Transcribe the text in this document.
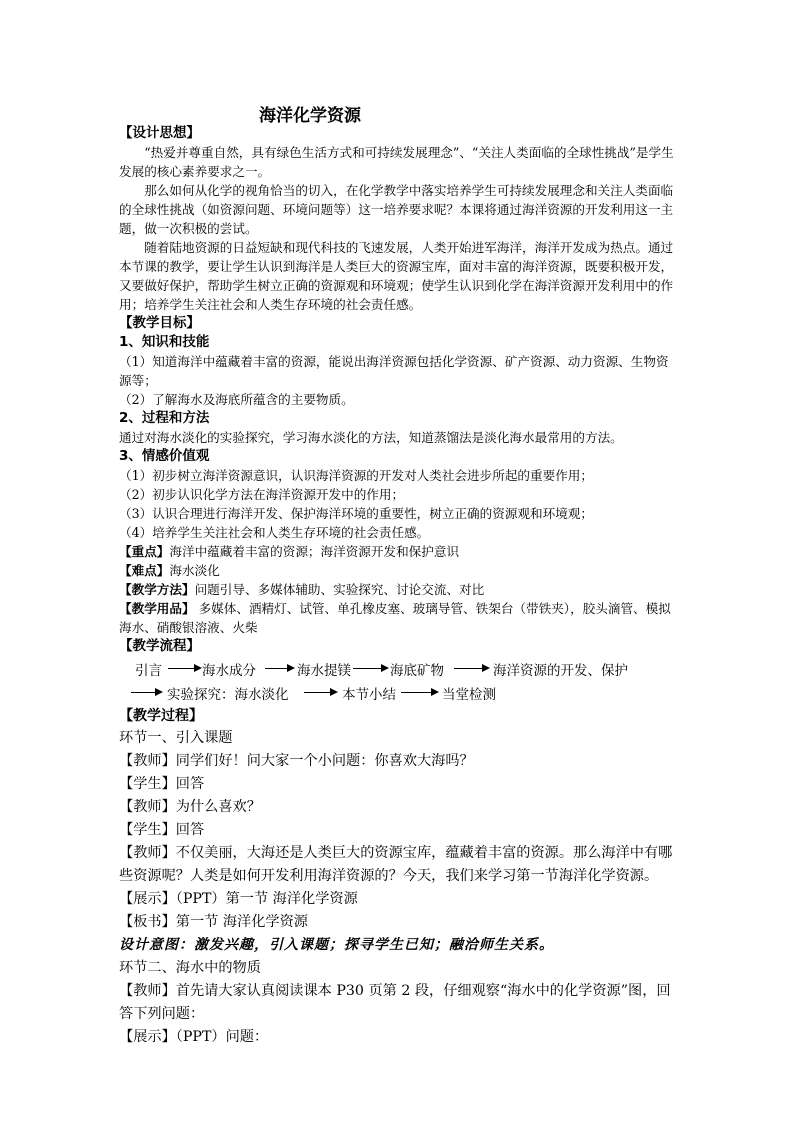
海洋化学资源

【设计思想】

“热爱并尊重自然，具有绿色生活方式和可持续发展理念”、“关注人类面临的全球性挑战”是学生发展的核心素养要求之一。

那么如何从化学的视角恰当的切入，在化学教学中落实培养学生可持续发展理念和关注人类面临的全球性挑战（如资源问题、环境问题等）这一培养要求呢？本课将通过海洋资源的开发利用这一主题，做一次积极的尝试。

随着陆地资源的日益短缺和现代科技的飞速发展，人类开始进军海洋，海洋开发成为热点。通过本节课的教学，要让学生认识到海洋是人类巨大的资源宝库，面对丰富的海洋资源，既要积极开发，又要做好保护，帮助学生树立正确的资源观和环境观；使学生认识到化学在海洋资源开发利用中的作用；培养学生关注社会和人类生存环境的社会责任感。

【教学目标】

1、知识和技能

（1）知道海洋中蕴藏着丰富的资源，能说出海洋资源包括化学资源、矿产资源、动力资源、生物资源等；

（2）了解海水及海底所蕴含的主要物质。

2、过程和方法

通过对海水淡化的实验探究，学习海水淡化的方法，知道蒸馏法是淡化海水最常用的方法。

3、情感价值观

（1）初步树立海洋资源意识，认识海洋资源的开发对人类社会进步所起的重要作用；

（2）初步认识化学方法在海洋资源开发中的作用；

（3）认识合理进行海洋开发、保护海洋环境的重要性，树立正确的资源观和环境观；

（4）培养学生关注社会和人类生存环境的社会责任感。

【重点】海洋中蕴藏着丰富的资源；海洋资源开发和保护意识

【难点】海水淡化

【教学方法】问题引导、多媒体辅助、实验探究、讨论交流、对比

【教学用品】 多媒体、酒精灯、试管、单孔橡皮塞、玻璃导管、铁架台（带铁夹），胶头滴管、模拟海水、硝酸银溶液、火柴

【教学流程】

引言	海水成分	海水提镁	海底矿物	海洋资源的开发、保护
实验探究：海水淡化	本节小结	当堂检测

【教学过程】

环节一、引入课题

【教师】同学们好！问大家一个小问题：你喜欢大海吗？

【学生】回答

【教师】为什么喜欢？

【学生】回答

【教师】不仅美丽，大海还是人类巨大的资源宝库，蕴藏着丰富的资源。那么海洋中有哪些资源呢？人类是如何开发利用海洋资源的？今天，我们来学习第一节海洋化学资源。

【展示】（PPT）第一节 海洋化学资源

【板书】第一节 海洋化学资源

设计意图：激发兴趣，引入课题；探寻学生已知；融洽师生关系。

环节二、海水中的物质

【教师】首先请大家认真阅读课本 P30 页第 2 段，仔细观察“海水中的化学资源”图，回答下列问题：

【展示】（PPT）问题：
